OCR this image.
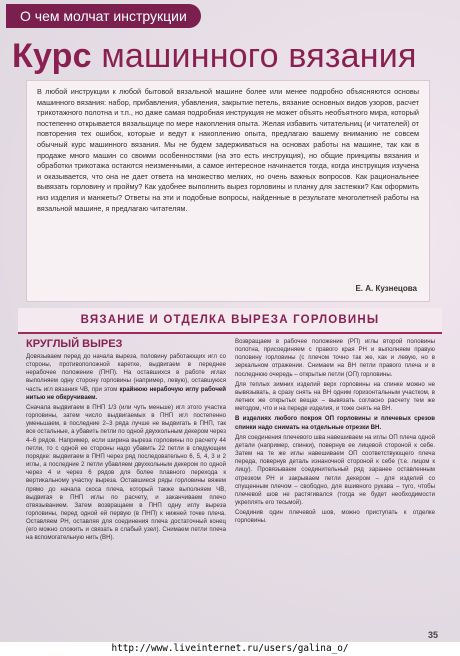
О чем молчат инструкции
Курс машинного вязания

В любой инструкции к любой бытовой вязальной машине более или менее подробно объясняются основы машинного вязания: набор, прибавления, убавления, закрытие петель, вязание основных видов узоров, расчет трикотажного полотна и т.п., но даже самая подробная инструкция не может объять необъятного мира, который постепенно открывается вязальщице по мере накопления опыта. Желая избавить читательниц (и читателей) от повторения тех ошибок, которые и ведут к накоплению опыта, предлагаю вашему вниманию не совсем обычный курс машинного вязания. Мы не будем задерживаться на основах работы на машине, так как в продаже много машин со своими особенностями (на это есть инструкция), но общие принципы вязания и обработки трикотажа остаются неизменными, а самое интересное начинается тогда, когда инструкция изучена и оказывается, что она не дает ответа на множество мелких, но очень важных вопросов. Как рациональнее вывязать горловину и пройму? Как удобнее выполнить вырез горловины и планку для застежки? Как оформить низ изделия и манжеты? Ответы на эти и подобные вопросы, найденные в результате многолетней работы на вязальной машине, я предлагаю читателям.

Е. А. Кузнецова
ВЯЗАНИЕ И ОТДЕЛКА ВЫРЕЗА ГОРЛОВИНЫ
КРУГЛЫЙ ВЫРЕЗ

Довязываем перед до начала выреза, половину работающих игл со стороны, противоположной каретке, выдвигаем в переднее нерабочее положение (ПНП). На оставшихся в работе иглах выполняем одну сторону горловины (например, левую), оставшуюся часть игл вязания ЧВ, при этом крайнюю нерабочую иглу рабочей нитью не обкручиваем.

Сначала выдвигаем в ПНП 1/3 (или чуть меньше) игл этого участка горловины, затем число выдвигаемых в ПНП игл постепенно уменьшаем, в последние 2–3 ряда лучше не выдвигать в ПНП, так все остальные, а убавить петли по одной двухкольным декером через 4–6 рядов. Например, если ширина выреза горловины по расчету 44 петли, то с одной ее стороны надо убавить 22 петли в следующем порядке: выдвигаем в ПНП через ряд последовательно 6, 5, 4, 3 и 2 иглы, а последние 2 петли убавляем двухкольным декером по одной через 4 и через 6 рядов для более плавного перехода к вертикальному участку выреза. Оставшиеся ряды горловины вяжем прямо до начала скоса плеча, который также выполняем ЧВ, выдвигая в ПНП иглы по расчету, и заканчиваем плечо отвязыванием. Затем возвращаем в ПНП одну иглу выреза горловины, перед одной ей первую (в ПНП) к нижней точке плеча. Оставляем РН, оставляя для соединения плеча достаточный конец (его можно сложить и связать в слабый узел). Снимаем петли плеча на вспомогательную нить (ВН).

Возвращаем в рабочее положение (РП) иглы второй половины полотна, присоединяем с правого края РН и выполняем правую половину горловины (с плечом точно так же, как и левую, но в зеркальном отражении. Снимаем на ВН петли правого плеча и в последнюю очередь – открытые петли (ОП) горловины.

Для теплых зимних изделий верх горловины на спинке можно не вывязывать, а сразу снять на ВН одним горизонтальным участком, в летних же открытых вещах – вывязать согласно расчету тем же методом, что и на переде изделия, и тоже снять на ВН.

В изделиях любого покроя ОП горловины и плечевых срезов спинки надо снимать на отдельные отрезки ВН.

Для соединения плечевого шва навешиваем на иглы ОП плеча одной детали (например, спинки), повернув ее лицевой стороной к себе. Затем на те же иглы навешиваем ОП соответствующего плеча переда, повернув деталь изнаночной стороной к себе (т.е. лицом к лицу). Провязываем соединительный ряд заранее оставленным отрезком РН и закрываем петли декером – для изделий со спущенным плечом – свободно, для вшивного рукава – туго, чтобы плечевой шов не растягивался (тогда не будет необходимости укреплять его тесьмой).

Соединив один плечевой шов, можно приступать к отделке горловины.

35
http://www.liveinternet.ru/users/galina_o/
